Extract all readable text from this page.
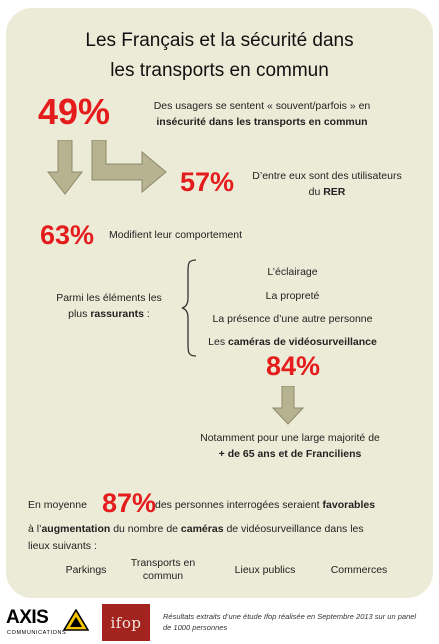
Les Français et la sécurité dans
les transports en commun
49%	Des usagers se sentent « souvent/parfois » en
insécurité dans les transports en commun
57%	D’entre eux sont des utilisateurs
du RER
63% Modifient leur comportement
Parmi les éléments les
plus rassurants :
L’éclairage
La propreté
La présence d’une autre personne
Les caméras de vidéosurveillance
84%
Notamment pour une large majorité de
+ de 65 ans et de Franciliens
En moyenne 87%
des personnes interrogées seraient favorables
à l’augmentation du nombre de caméras de vidéosurveillance dans les
lieux suivants :
Parkings
Transports en
commun	Lieux publics	Commerces
AXIS
COMMUNICATIONS
ifop	Résultats extraits d’une étude Ifop réalisée en Septembre 2013 sur un panel
de 1000 personnes
